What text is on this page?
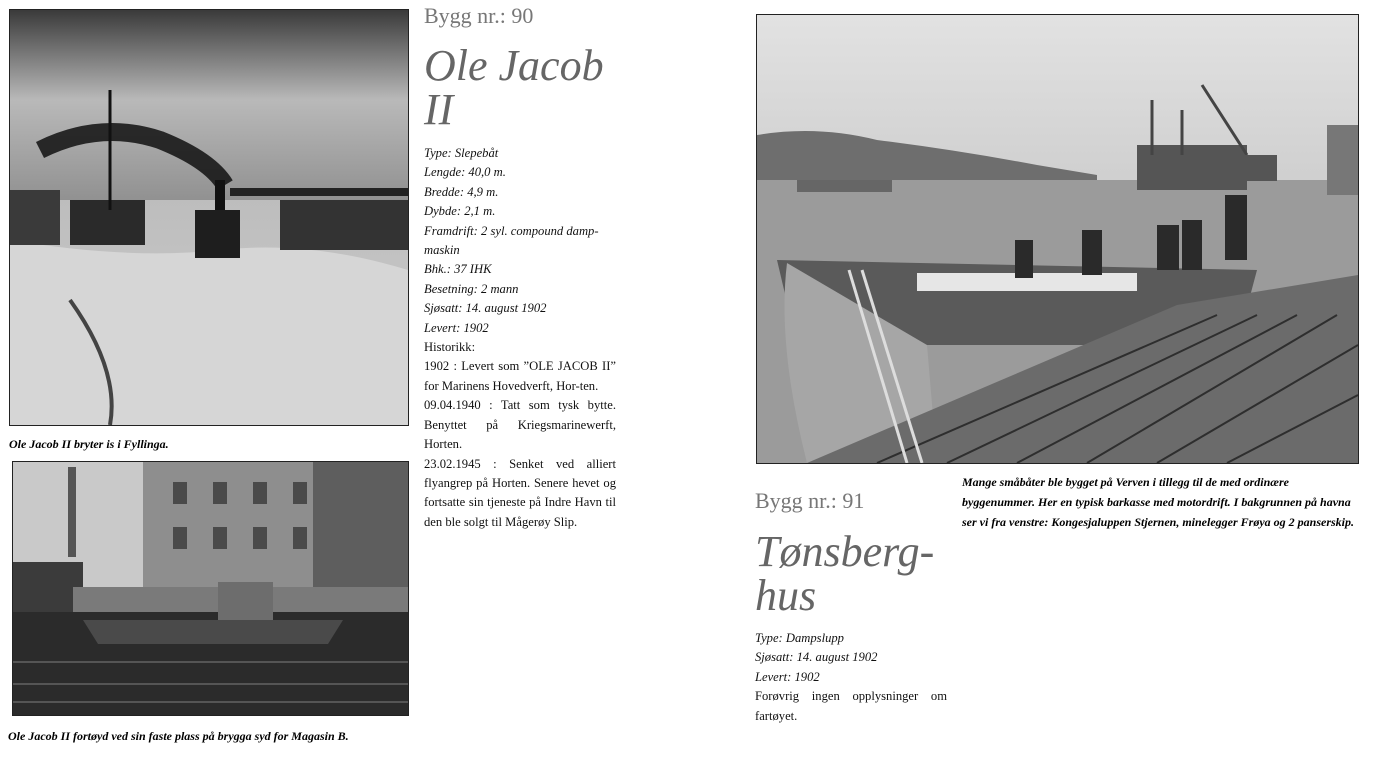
Ole Jacob II bryter is i Fyllinga.
Ole Jacob II fortøyd ved sin faste plass på brygga syd for Magasin B.
Bygg nr.: 90
Ole Jacob
II
Type: Slepebåt
Lengde: 40,0 m.
Bredde: 4,9 m.
Dybde: 2,1 m.
Framdrift: 2 syl. compound damp-
maskin
Bhk.: 37 IHK
Besetning: 2 mann
Sjøsatt: 14. august 1902
Levert: 1902
Historikk:
1902 : Levert som ”OLE JACOB II” for Marinens Hovedverft, Hor-ten.
09.04.1940 : Tatt som tysk bytte. Benyttet på Kriegsmarinewerft, Horten.
23.02.1945 : Senket ved alliert flyangrep på Horten. Senere hevet og fortsatte sin tjeneste på Indre Havn til den ble solgt til Mågerøy Slip.
Mange småbåter ble bygget på Verven i tillegg til de med ordinære byggenummer. Her en typisk barkasse med motordrift. I bakgrunnen på havna ser vi fra venstre: Kongesjaluppen Stjernen, minelegger Frøya og 2 panserskip.
Bygg nr.: 91
Tønsberg-
hus
Type: Dampslupp
Sjøsatt: 14. august 1902
Levert: 1902
Forøvrig ingen opplysninger om fartøyet.
